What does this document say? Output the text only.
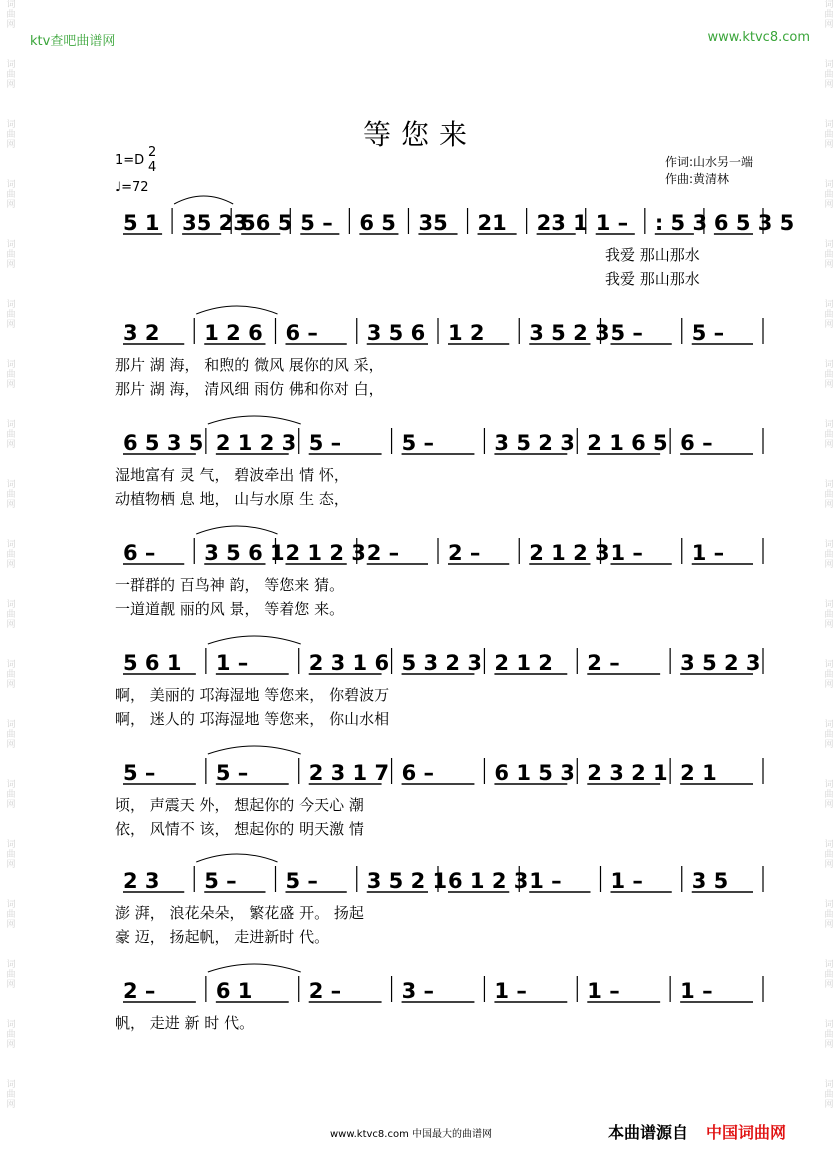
词
曲
网
词
曲
网
词
曲
网
词
曲
网
词
曲
网
词
曲
网
词
曲
网
词
曲
网
词
曲
网
词
曲
网
词
曲
网
词
曲
网
词
曲
网
词
曲
网
词
曲
网
词
曲
网
词
曲
网
词
曲
网
词
曲
网
词
曲
网
词
曲
网
词
曲
网
词
曲
网
词
曲
网
词
曲
网
词
曲
网
词
曲
网
词
曲
网
词
曲
网
词
曲
网
词
曲
网
词
曲
网
词
曲
网
词
曲
网
词
曲
网
词
曲
网
词
曲
网
词
曲
网
ktv查吧曲谱网	www.ktvc8.com
等您来
1=D
2
4
♩=72
作词:山水另一端
作曲:黄清林
5 1 35 23
56 5 5 – 6 5 35 21 23 1 1 – : 5 3 6 5 3 5
我爱 那山那水
我爱 那山那水
3 2 1 2 6 6 – 3 5 6 1 2 3 5 2 3 5 – 5 –
那片 湖 海， 和煦的 微风 展你的风 采，
那片 湖 海， 清风细 雨仿 佛和你对 白，
6 5 3 5 2 1 2 3 5 –	5 –	3 5 2 3 2 1 6 5 6 –
湿地富有 灵 气， 碧波牵出 情 怀，
动植物栖 息 地， 山与水原 生 态，
6 – 3 5 6 1 2 1 2 3 2 – 2 – 2 1 2 3 1 – 1 –
一群群的 百鸟神 韵， 等您来 猜。
一道道靓 丽的风 景， 等着您 来。
5 6 1 1 –	2 3 1 6 5 3 2 3 2 1 2 2 –	3 5 2 3
啊， 美丽的 邛海湿地 等您来， 你碧波万
啊， 迷人的 邛海湿地 等您来， 你山水相
5 –	5 –	2 3 1 7 6 –	6 1 5 3 2 3 2 1 2 1
顷， 声震天 外， 想起你的 今天心 潮
依， 风情不 该， 想起你的 明天激 情
2 3 5 – 5 – 3 5 2 1 6 1 2 3 1 – 1 – 3 5
澎 湃， 浪花朵朵， 繁花盛 开。 扬起
豪 迈， 扬起帆， 走进新时 代。
2 –	6 1	2 –	3 –	1 –	1 –	1 –
帆， 走进 新 时 代。
www.ktvc8.com 中国最大的曲谱网	本曲谱源自 中国词曲网
